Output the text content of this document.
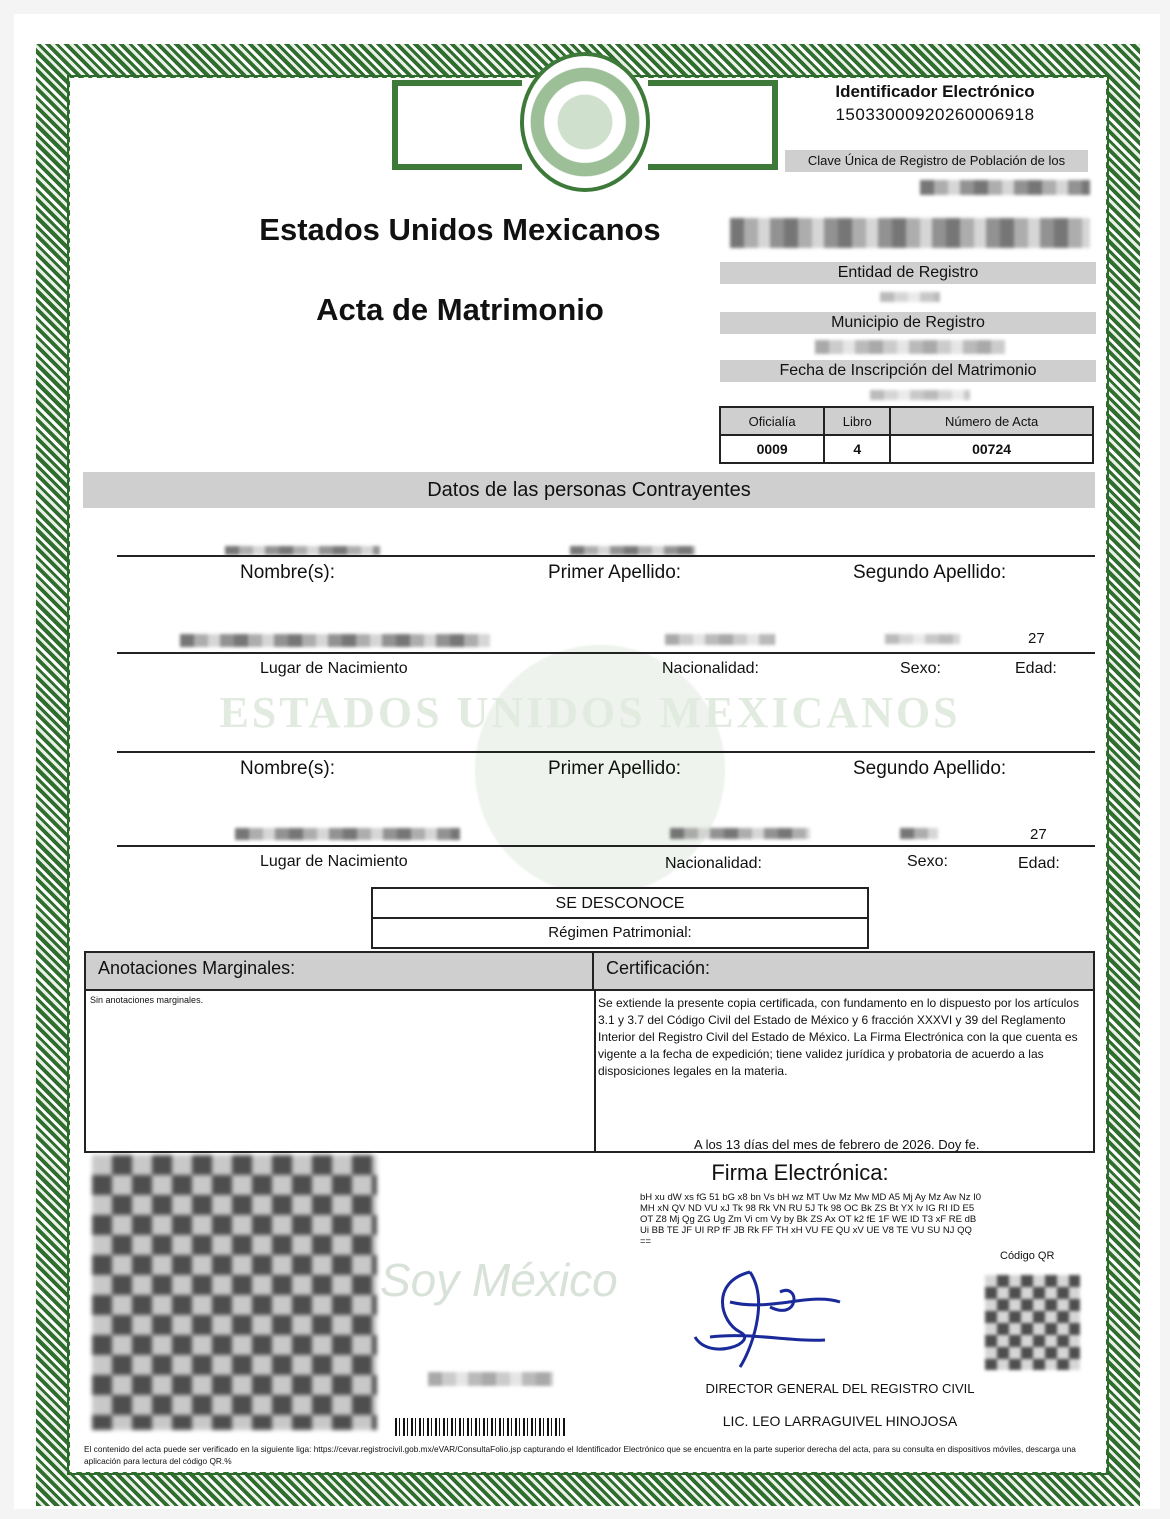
ESTADOS UNIDOS MEXICANOS
Identificador Electrónico
15033000920260006918
Clave Única de Registro de Población de los
Estados Unidos Mexicanos
Acta de Matrimonio
Entidad de Registro
Municipio de Registro
Fecha de Inscripción del Matrimonio
Oficialía	Libro	Número de Acta
0009	4	00724
Datos de las personas Contrayentes
Nombre(s):	Primer Apellido:	Segundo Apellido:
27
Lugar de Nacimiento	Nacionalidad:	Sexo:	Edad:
Nombre(s):	Primer Apellido:	Segundo Apellido:
27
Lugar de Nacimiento	Nacionalidad:	Sexo:	Edad:
SE DESCONOCE
Régimen Patrimonial:
Anotaciones Marginales:	Certificación:
Sin anotaciones marginales.	Se extiende la presente copia certificada, con fundamento en lo dispuesto por los artículos 3.1 y 3.7 del Código Civil del Estado de México y 6 fracción XXXVI y 39 del Reglamento Interior del Registro Civil del Estado de México. La Firma Electrónica con la que cuenta es vigente a la fecha de expedición; tiene validez jurídica y probatoria de acuerdo a las disposiciones legales en la materia.
A los 13 días del mes de febrero de 2026. Doy fe.
Soy México
Firma Electrónica:
bH xu dW xs fG 51 bG x8 bn Vs bH wz MT Uw Mz Mw MD A5 Mj Ay Mz Aw Nz I0 MH xN QV ND VU xJ Tk 98 Rk VN RU 5J Tk 98 OC Bk ZS Bt YX lv IG RI ID E5 OT Z8 Mj Qg ZG Ug Zm Vi cm Vy by Bk ZS Ax OT k2 fE 1F WE ID T3 xF RE dB Ui BB TE JF UI RP fF JB Rk FF TH xH VU FE QU xV UE V8 TE VU SU NJ QQ ==
Código QR
DIRECTOR GENERAL DEL REGISTRO CIVIL
LIC. LEO LARRAGUIVEL HINOJOSA
El contenido del acta puede ser verificado en la siguiente liga: https://cevar.registrocivil.gob.mx/eVAR/ConsultaFolio.jsp capturando el Identificador Electrónico que se encuentra en la parte superior derecha del acta, para su consulta en dispositivos móviles, descarga una aplicación para lectura del código QR.%
